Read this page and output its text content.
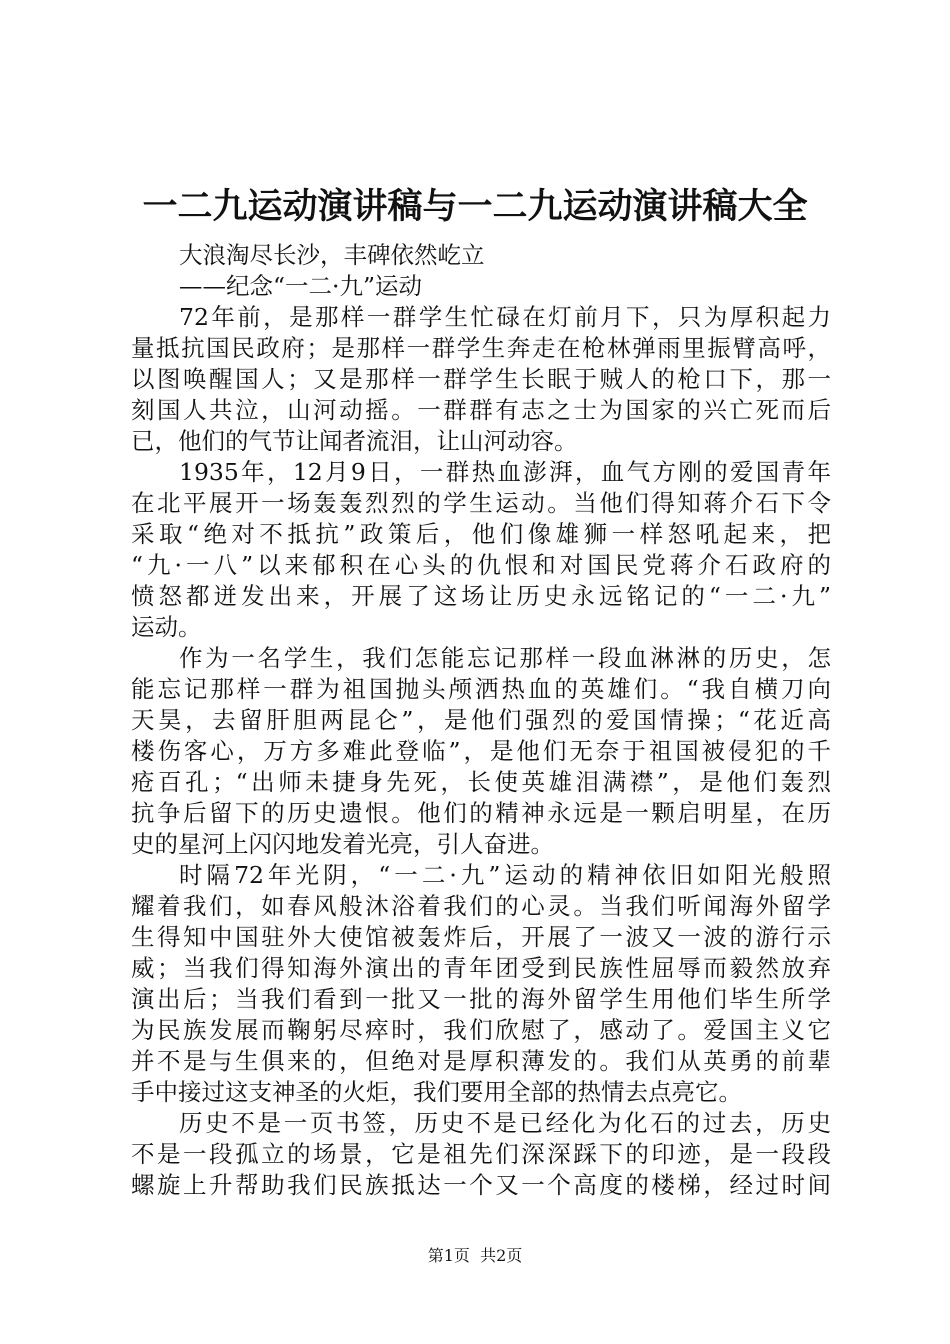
一二九运动演讲稿与一二九运动演讲稿大全
大浪淘尽长沙，丰碑依然屹立
——纪念“一二·九”运动
72年前，是那样一群学生忙碌在灯前月下，只为厚积起力
量抵抗国民政府；是那样一群学生奔走在枪林弹雨里振臂高呼，
以图唤醒国人；又是那样一群学生长眠于贼人的枪口下，那一
刻国人共泣，山河动摇。一群群有志之士为国家的兴亡死而后
已，他们的气节让闻者流泪，让山河动容。
1935年，12月9日，一群热血澎湃，血气方刚的爱国青年
在北平展开一场轰轰烈烈的学生运动。当他们得知蒋介石下令
采取“绝对不抵抗”政策后，他们像雄狮一样怒吼起来，把
“九·一八”以来郁积在心头的仇恨和对国民党蒋介石政府的
愤怒都迸发出来，开展了这场让历史永远铭记的“一二·九”
运动。
作为一名学生，我们怎能忘记那样一段血淋淋的历史，怎
能忘记那样一群为祖国抛头颅洒热血的英雄们。“我自横刀向
天昊，去留肝胆两昆仑”，是他们强烈的爱国情操；“花近高
楼伤客心，万方多难此登临”，是他们无奈于祖国被侵犯的千
疮百孔；“出师未捷身先死，长使英雄泪满襟”，是他们轰烈
抗争后留下的历史遗恨。他们的精神永远是一颗启明星，在历
史的星河上闪闪地发着光亮，引人奋进。
时隔72年光阴，“一二·九”运动的精神依旧如阳光般照
耀着我们，如春风般沐浴着我们的心灵。当我们听闻海外留学
生得知中国驻外大使馆被轰炸后，开展了一波又一波的游行示
威；当我们得知海外演出的青年团受到民族性屈辱而毅然放弃
演出后；当我们看到一批又一批的海外留学生用他们毕生所学
为民族发展而鞠躬尽瘁时，我们欣慰了，感动了。爱国主义它
并不是与生俱来的，但绝对是厚积薄发的。我们从英勇的前辈
手中接过这支神圣的火炬，我们要用全部的热情去点亮它。
历史不是一页书签，历史不是已经化为化石的过去，历史
不是一段孤立的场景，它是祖先们深深踩下的印迹，是一段段
螺旋上升帮助我们民族抵达一个又一个高度的楼梯，经过时间
第1页  共2页
